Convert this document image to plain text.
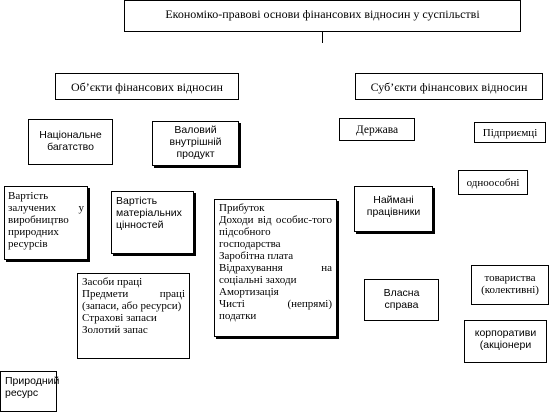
Економіко-правові основи фінансових відносин у суспільстві
Об’єкти фінансових відносин	Суб’єкти фінансових відносин
Національне
багатство
Валовий
внутрішній
продукт
Держава	Підприємці
Вартість залучених у виробництво природних ресурсів
Вартість
матеріальних
цінностей
Прибуток
Доходи від особис-того підсобного господарства
Заробітна плата
Відрахування на соціальні заходи
Амортизація
Чисті (непрямі) податки
Наймані
працівники
одноособні
Засоби праці
Предмети праці (запаси, або ресурси)
Страхові запаси
Золотий запас
Власна
справа
товариства
(колективні)
корпоративи
(акціонери
Природний
ресурс
